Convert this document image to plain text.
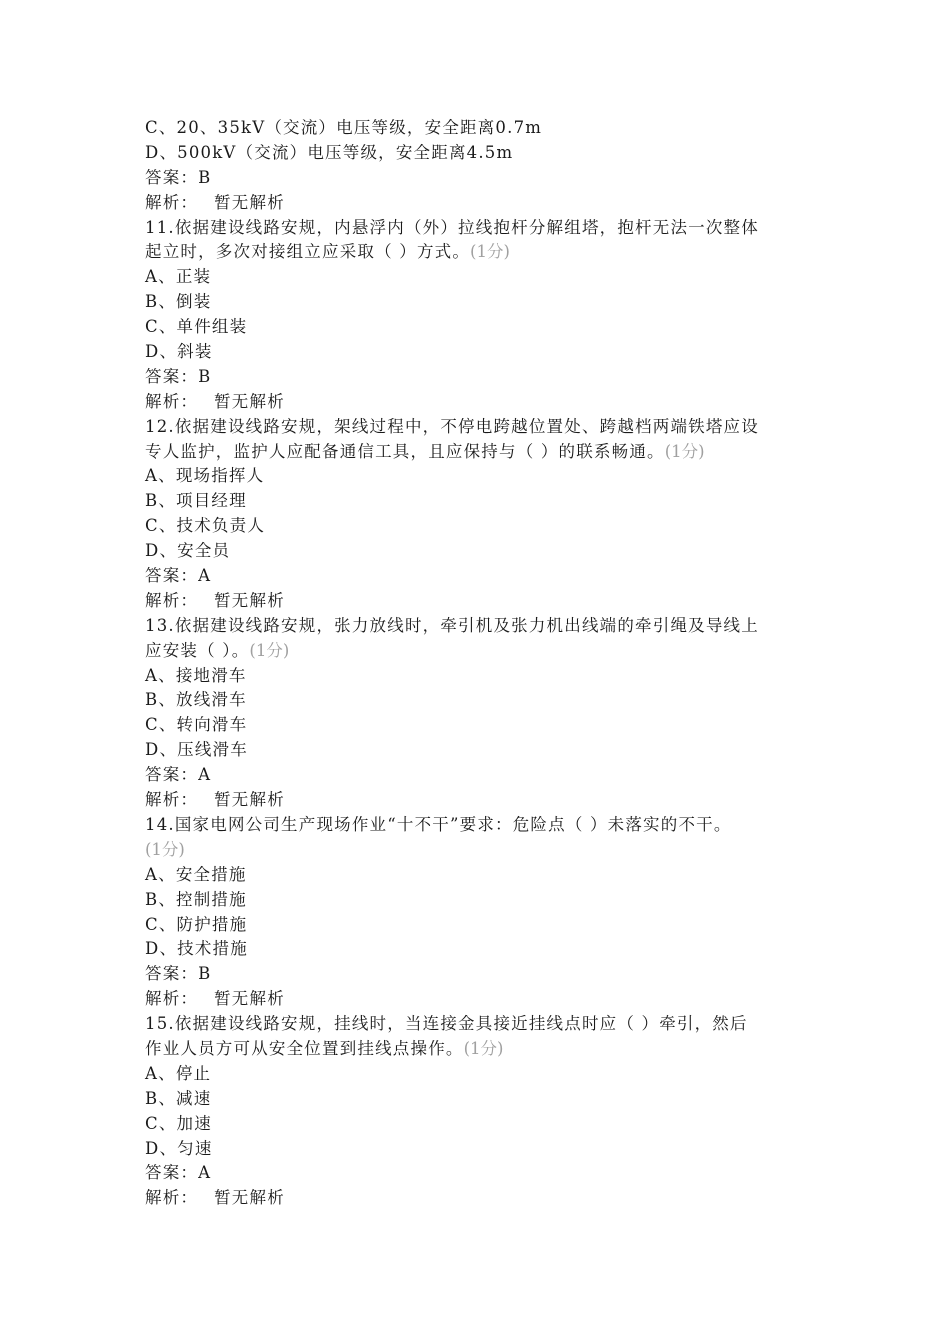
C、20、35kV（交流）电压等级，安全距离0.7m
D、500kV（交流）电压等级，安全距离4.5m
答案：B
解析： 暂无解析
11.依据建设线路安规，内悬浮内（外）拉线抱杆分解组塔，抱杆无法一次整体
起立时，多次对接组立应采取（ ）方式。(1分)
A、正装
B、倒装
C、单件组装
D、斜装
答案：B
解析： 暂无解析
12.依据建设线路安规，架线过程中，不停电跨越位置处、跨越档两端铁塔应设
专人监护，监护人应配备通信工具，且应保持与（ ）的联系畅通。(1分)
A、现场指挥人
B、项目经理
C、技术负责人
D、安全员
答案：A
解析： 暂无解析
13.依据建设线路安规，张力放线时，牵引机及张力机出线端的牵引绳及导线上
应安装（ ）。(1分)
A、接地滑车
B、放线滑车
C、转向滑车
D、压线滑车
答案：A
解析： 暂无解析
14.国家电网公司生产现场作业“十不干”要求：危险点（ ）未落实的不干。
(1分)
A、安全措施
B、控制措施
C、防护措施
D、技术措施
答案：B
解析： 暂无解析
15.依据建设线路安规，挂线时，当连接金具接近挂线点时应（ ）牵引，然后
作业人员方可从安全位置到挂线点操作。(1分)
A、停止
B、减速
C、加速
D、匀速
答案：A
解析： 暂无解析
